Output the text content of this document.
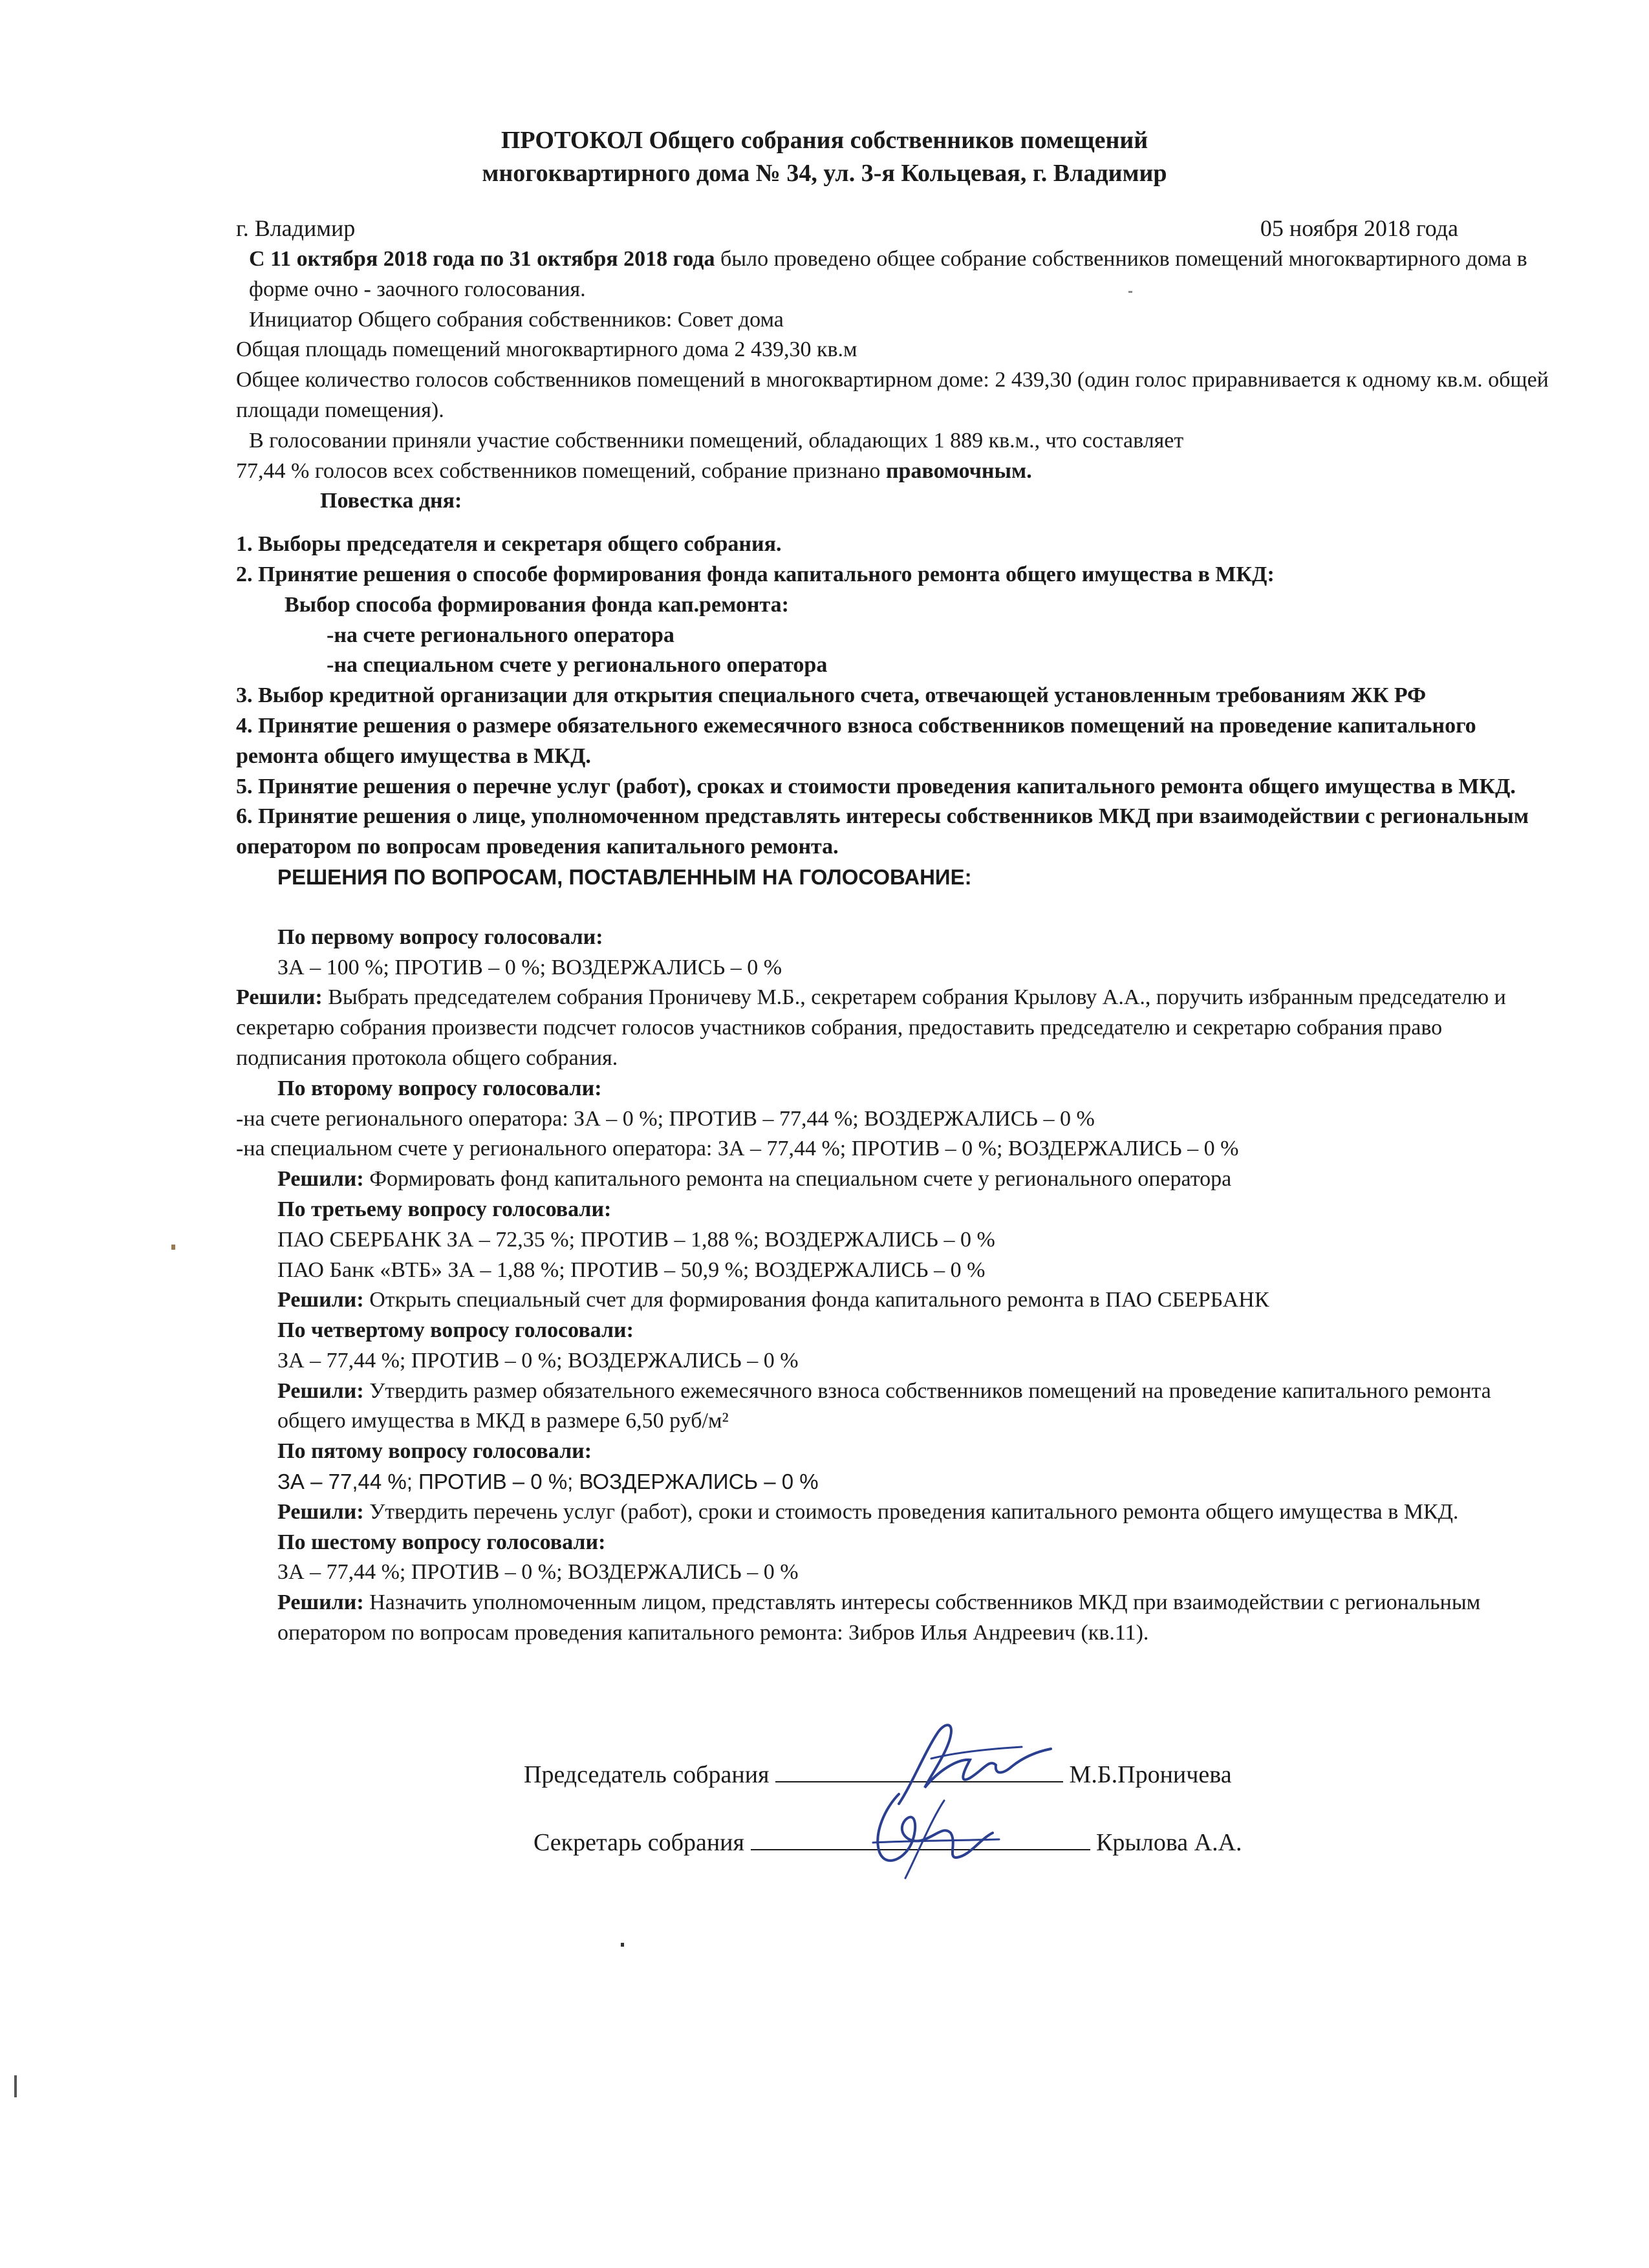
ПРОТОКОЛ Общего собрания собственников помещений
многоквартирного дома № 34, ул. 3-я Кольцевая, г. Владимир
г. Владимир	05 ноября 2018 года

С 11 октября 2018 года по 31 октября 2018 года было проведено общее собрание собственников помещений многоквартирного дома в форме очно - заочного голосования.

Инициатор Общего собрания собственников: Совет дома

Общая площадь помещений многоквартирного дома 2 439,30 кв.м

Общее количество голосов собственников помещений в многоквартирном доме: 2 439,30 (один голос приравнивается к одному кв.м. общей площади помещения).

В голосовании приняли участие собственники помещений, обладающих 1 889 кв.м., что составляет

77,44 % голосов всех собственников помещений, собрание признано правомочным.

Повестка дня:

1. Выборы председателя и секретаря общего собрания.

2. Принятие решения о способе формирования фонда капитального ремонта общего имущества в МКД:

Выбор способа формирования фонда кап.ремонта:

-на счете регионального оператора

-на специальном счете у регионального оператора

3. Выбор кредитной организации для открытия специального счета, отвечающей установленным требованиям ЖК РФ

4. Принятие решения о размере обязательного ежемесячного взноса собственников помещений на проведение капитального ремонта общего имущества в МКД.

5. Принятие решения о перечне услуг (работ), сроках и стоимости проведения капитального ремонта общего имущества в МКД.

6. Принятие решения о лице, уполномоченном представлять интересы собственников МКД при взаимодействии с региональным оператором по вопросам проведения капитального ремонта.

РЕШЕНИЯ ПО ВОПРОСАМ, ПОСТАВЛЕННЫМ НА ГОЛОСОВАНИЕ:

По первому вопросу голосовали:

ЗА – 100 %; ПРОТИВ – 0 %; ВОЗДЕРЖАЛИСЬ – 0 %

Решили: Выбрать председателем собрания Проничеву М.Б., секретарем собрания Крылову А.А., поручить избранным председателю и секретарю собрания произвести подсчет голосов участников собрания, предоставить председателю и секретарю собрания право подписания протокола общего собрания.

По второму вопросу голосовали:

-на счете регионального оператора: ЗА – 0 %; ПРОТИВ – 77,44 %; ВОЗДЕРЖАЛИСЬ – 0 %

-на специальном счете у регионального оператора: ЗА – 77,44 %; ПРОТИВ – 0 %; ВОЗДЕРЖАЛИСЬ – 0 %

Решили: Формировать фонд капитального ремонта на специальном счете у регионального оператора

По третьему вопросу голосовали:

ПАО СБЕРБАНК ЗА – 72,35 %; ПРОТИВ – 1,88 %; ВОЗДЕРЖАЛИСЬ – 0 %

ПАО Банк «ВТБ» ЗА – 1,88 %; ПРОТИВ – 50,9 %; ВОЗДЕРЖАЛИСЬ – 0 %

Решили: Открыть специальный счет для формирования фонда капитального ремонта в ПАО СБЕРБАНК

По четвертому вопросу голосовали:

ЗА – 77,44 %; ПРОТИВ – 0 %; ВОЗДЕРЖАЛИСЬ – 0 %

Решили: Утвердить размер обязательного ежемесячного взноса собственников помещений на проведение капитального ремонта общего имущества в МКД в размере 6,50 руб/м²

По пятому вопросу голосовали:

ЗА – 77,44 %; ПРОТИВ – 0 %; ВОЗДЕРЖАЛИСЬ – 0 %

Решили: Утвердить перечень услуг (работ), сроки и стоимость проведения капитального ремонта общего имущества в МКД.

По шестому вопросу голосовали:

ЗА – 77,44 %; ПРОТИВ – 0 %; ВОЗДЕРЖАЛИСЬ – 0 %

Решили: Назначить уполномоченным лицом, представлять интересы собственников МКД при взаимодействии с региональным оператором по вопросам проведения капитального ремонта: Зибров Илья Андреевич (кв.11).

Председатель собрания	М.Б.Проничева
Секретарь собрания	Крылова А.А.
